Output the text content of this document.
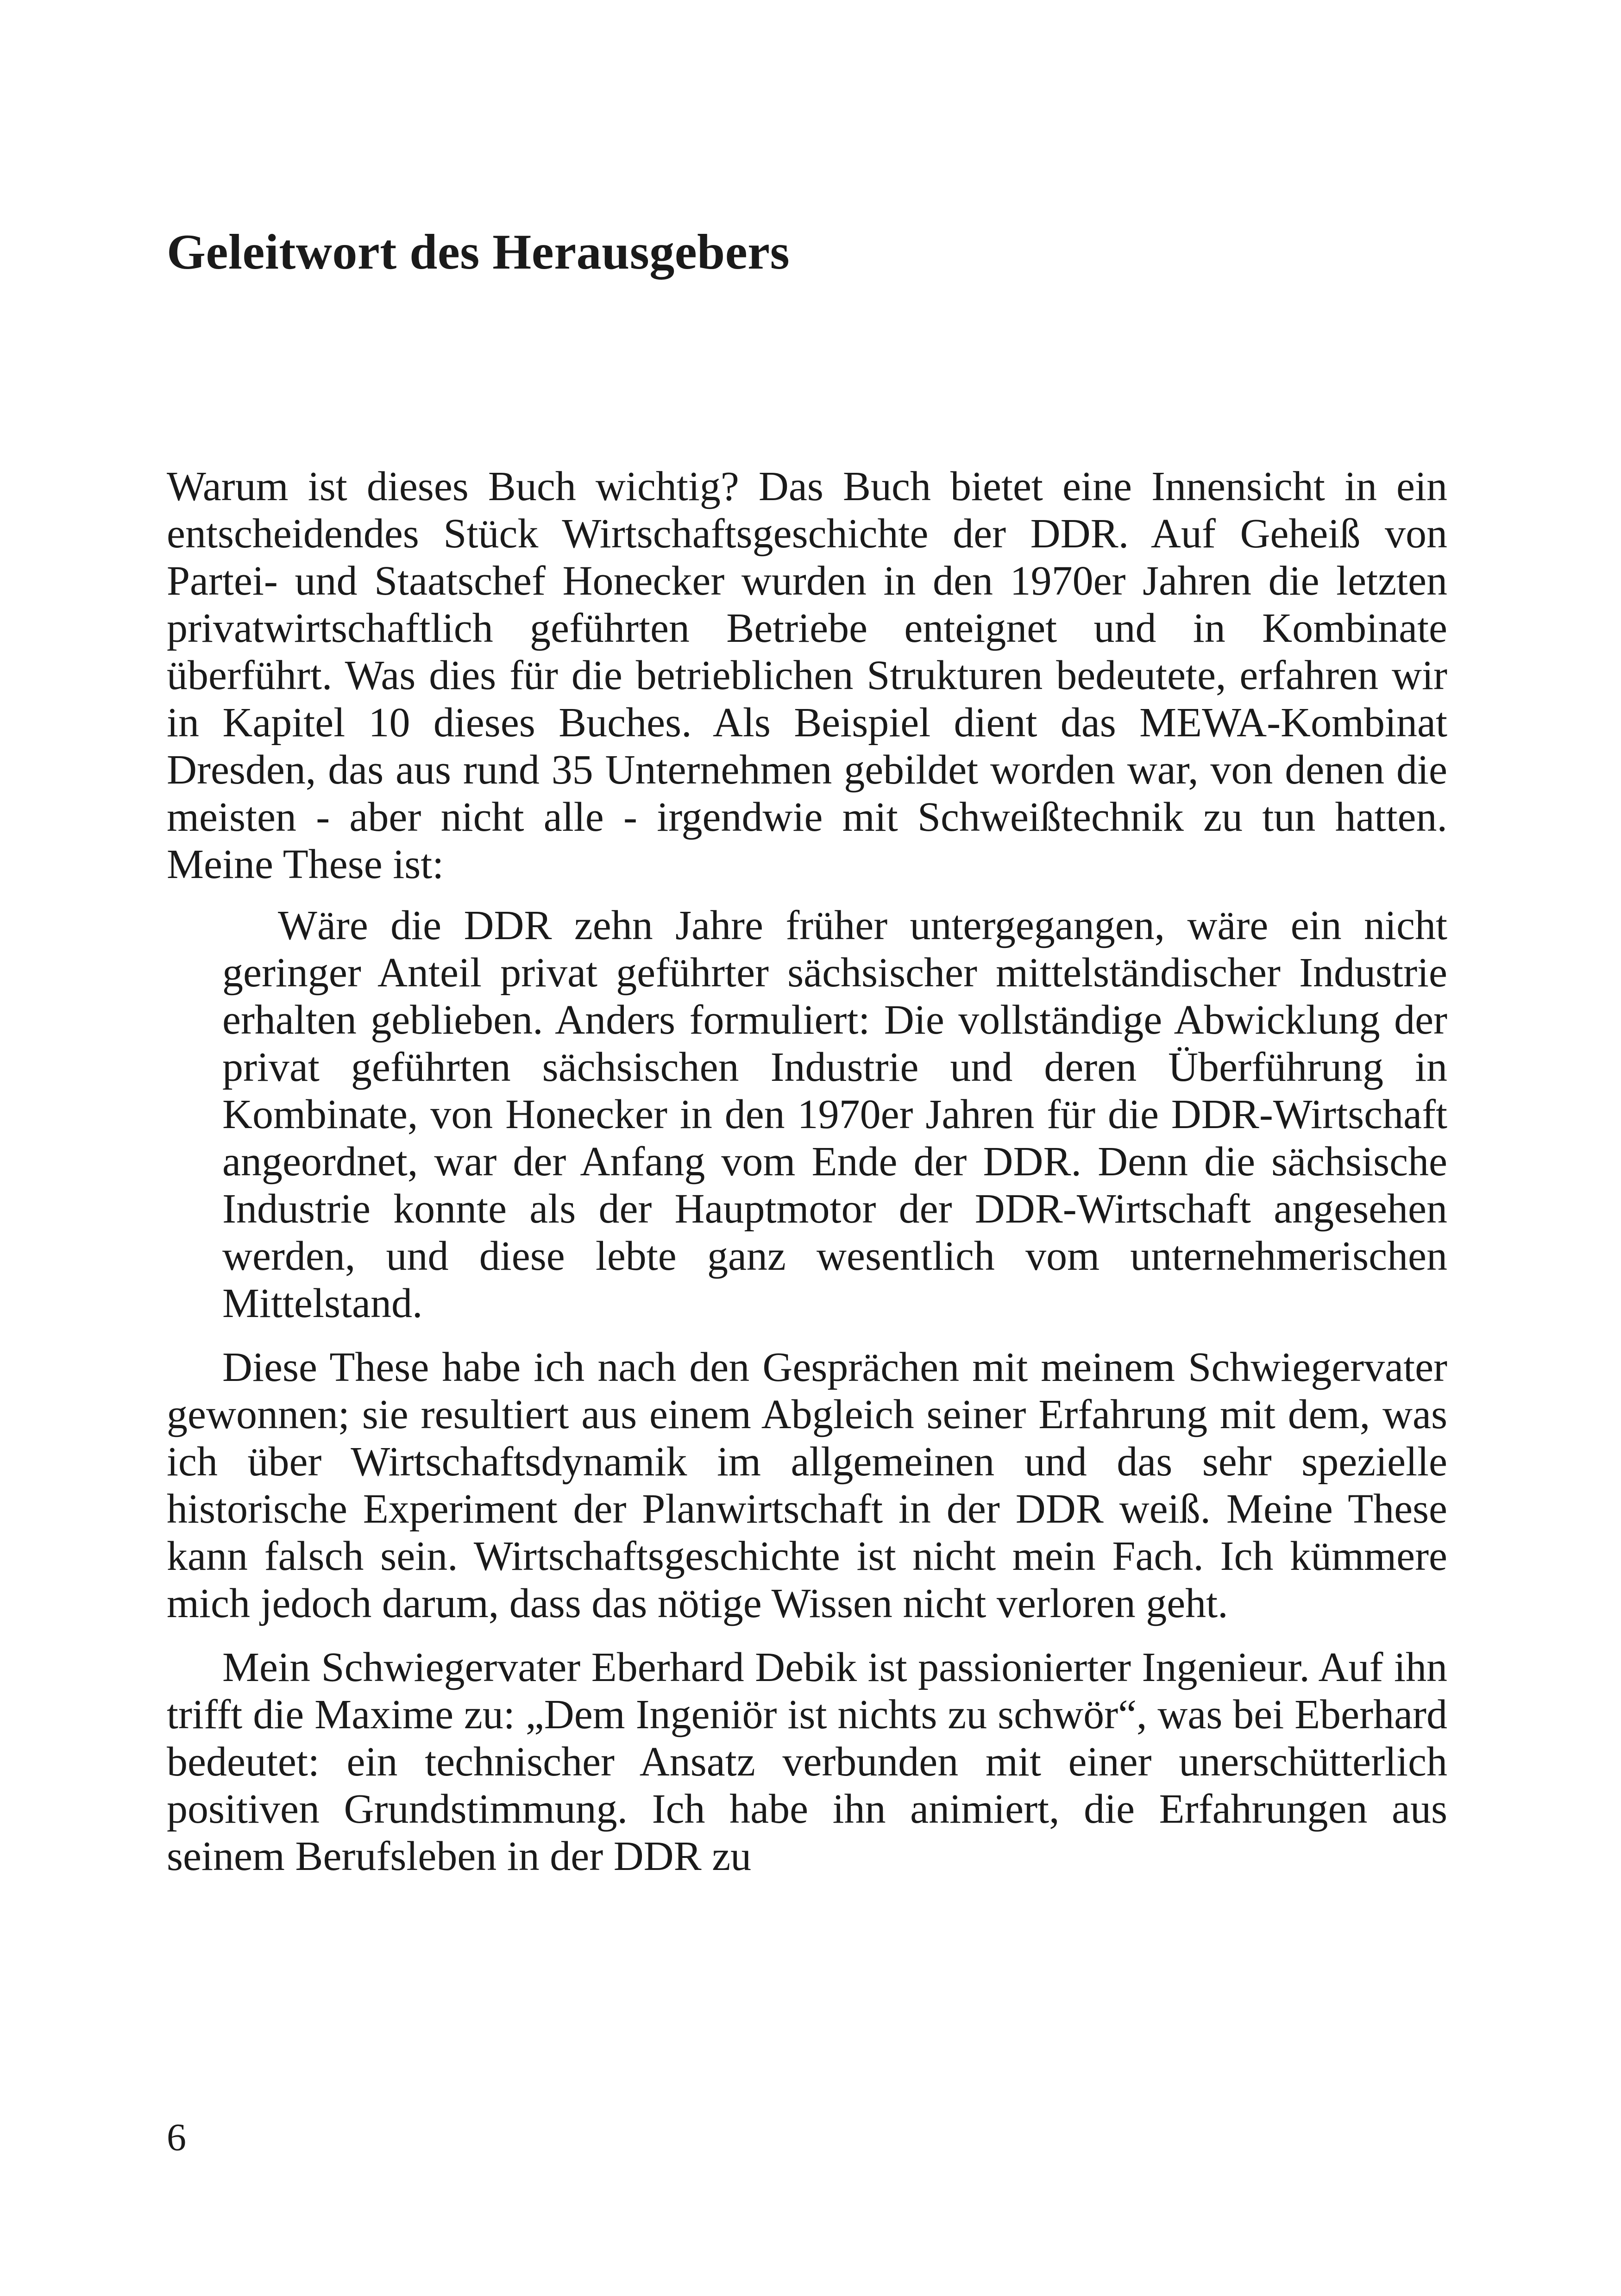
Geleitwort des Herausgebers

Warum ist dieses Buch wichtig? Das Buch bietet eine Innensicht in ein entscheidendes Stück Wirtschaftsgeschichte der DDR. Auf Geheiß von Partei- und Staatschef Honecker wurden in den 1970er Jahren die letzten privatwirtschaftlich geführten Betriebe enteignet und in Kombinate überführt. Was dies für die betrieblichen Strukturen bedeutete, erfahren wir in Kapitel 10 dieses Buches. Als Beispiel dient das MEWA-Kombinat Dresden, das aus rund 35 Unternehmen gebildet worden war, von denen die meisten - aber nicht alle - irgendwie mit Schweißtechnik zu tun hatten. Meine These ist:

Wäre die DDR zehn Jahre früher untergegangen, wäre ein nicht geringer Anteil privat geführter sächsischer mittelständischer Industrie erhalten geblieben. Anders formuliert: Die vollständige Abwicklung der privat geführten sächsischen Industrie und deren Überführung in Kombinate, von Honecker in den 1970er Jahren für die DDR-Wirtschaft angeordnet, war der Anfang vom Ende der DDR. Denn die sächsische Industrie konnte als der Hauptmotor der DDR-Wirtschaft angesehen werden, und diese lebte ganz wesentlich vom unternehmerischen Mittelstand.

Diese These habe ich nach den Gesprächen mit meinem Schwiegervater gewonnen; sie resultiert aus einem Abgleich seiner Erfahrung mit dem, was ich über Wirtschaftsdynamik im allgemeinen und das sehr spezielle historische Experiment der Planwirtschaft in der DDR weiß. Meine These kann falsch sein. Wirtschaftsgeschichte ist nicht mein Fach. Ich kümmere mich jedoch darum, dass das nötige Wissen nicht verloren geht.

Mein Schwiegervater Eberhard Debik ist passionierter Ingenieur. Auf ihn trifft die Maxime zu: „Dem Ingeniör ist nichts zu schwör“, was bei Eberhard bedeutet: ein technischer Ansatz verbunden mit einer unerschütterlich positiven Grundstimmung. Ich habe ihn animiert, die Erfahrungen aus seinem Berufsleben in der DDR zu

6
